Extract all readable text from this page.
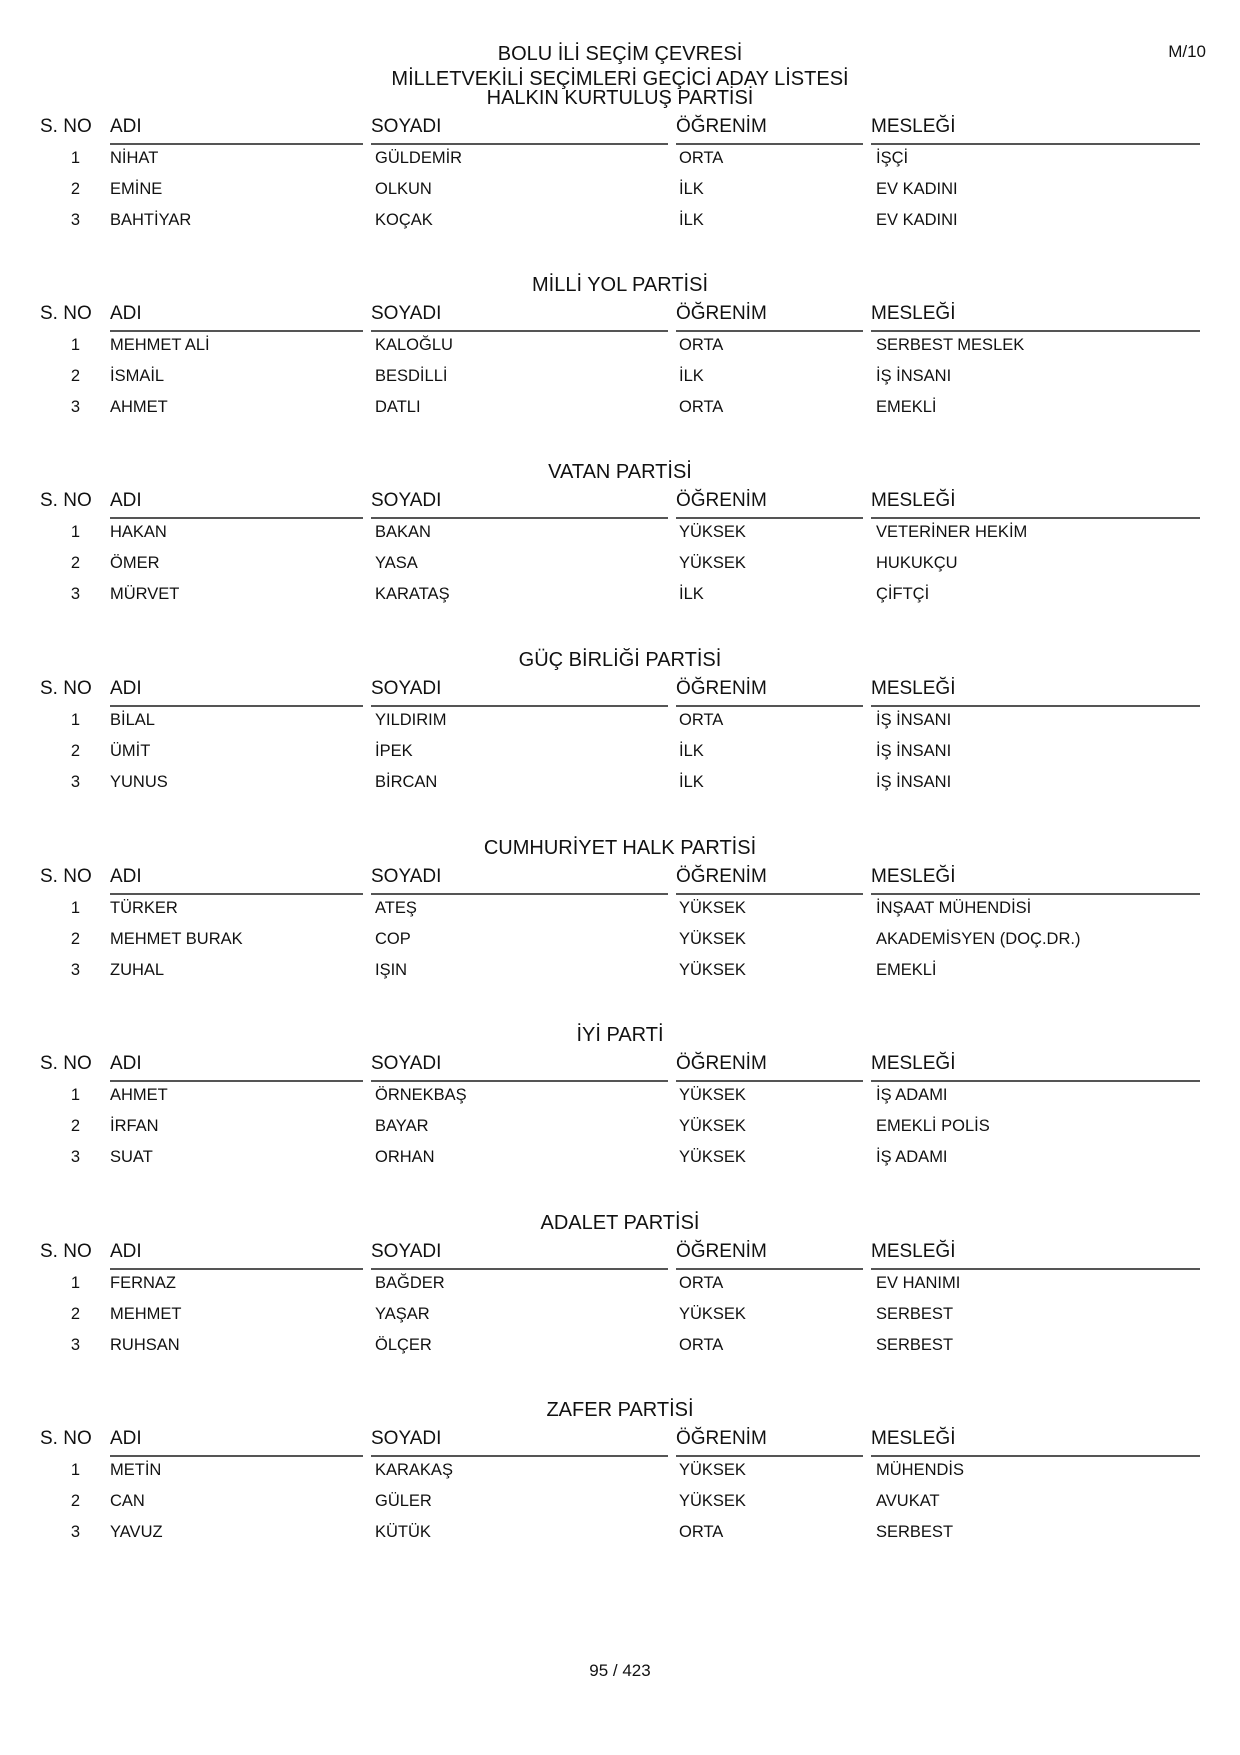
M/10
BOLU İLİ SEÇİM ÇEVRESİ
MİLLETVEKİLİ SEÇİMLERİ GEÇİCİ ADAY LİSTESİ
HALKIN KURTULUŞ PARTİSİ
S. NO ADI	SOYADI	ÖĞRENİM	MESLEĞİ
1 NİHAT	GÜLDEMİR	ORTA	İŞÇİ
2 EMİNE	OLKUN	İLK	EV KADINI
3 BAHTİYAR	KOÇAK	İLK	EV KADINI
MİLLİ YOL PARTİSİ
S. NO ADI	SOYADI	ÖĞRENİM	MESLEĞİ
1 MEHMET ALİ	KALOĞLU	ORTA	SERBEST MESLEK
2 İSMAİL	BESDİLLİ	İLK	İŞ İNSANI
3 AHMET	DATLI	ORTA	EMEKLİ
VATAN PARTİSİ
S. NO ADI	SOYADI	ÖĞRENİM	MESLEĞİ
1 HAKAN	BAKAN	YÜKSEK	VETERİNER HEKİM
2 ÖMER	YASA	YÜKSEK	HUKUKÇU
3 MÜRVET	KARATAŞ	İLK	ÇİFTÇİ
GÜÇ BİRLİĞİ PARTİSİ
S. NO ADI	SOYADI	ÖĞRENİM	MESLEĞİ
1 BİLAL	YILDIRIM	ORTA	İŞ İNSANI
2 ÜMİT	İPEK	İLK	İŞ İNSANI
3 YUNUS	BİRCAN	İLK	İŞ İNSANI
CUMHURİYET HALK PARTİSİ
S. NO ADI	SOYADI	ÖĞRENİM	MESLEĞİ
1 TÜRKER	ATEŞ	YÜKSEK	İNŞAAT MÜHENDİSİ
2 MEHMET BURAK	COP	YÜKSEK	AKADEMİSYEN (DOÇ.DR.)
3 ZUHAL	IŞIN	YÜKSEK	EMEKLİ
İYİ PARTİ
S. NO ADI	SOYADI	ÖĞRENİM	MESLEĞİ
1 AHMET	ÖRNEKBAŞ	YÜKSEK	İŞ ADAMI
2 İRFAN	BAYAR	YÜKSEK	EMEKLİ POLİS
3 SUAT	ORHAN	YÜKSEK	İŞ ADAMI
ADALET PARTİSİ
S. NO ADI	SOYADI	ÖĞRENİM	MESLEĞİ
1 FERNAZ	BAĞDER	ORTA	EV HANIMI
2 MEHMET	YAŞAR	YÜKSEK	SERBEST
3 RUHSAN	ÖLÇER	ORTA	SERBEST
ZAFER PARTİSİ
S. NO ADI	SOYADI	ÖĞRENİM	MESLEĞİ
1 METİN	KARAKAŞ	YÜKSEK	MÜHENDİS
2 CAN	GÜLER	YÜKSEK	AVUKAT
3 YAVUZ	KÜTÜK	ORTA	SERBEST
95 / 423
